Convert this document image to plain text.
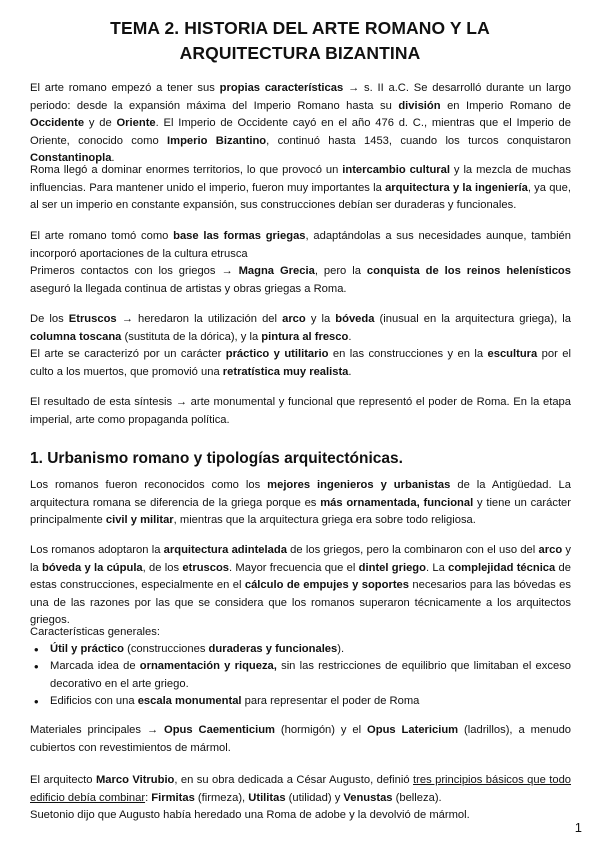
TEMA 2. HISTORIA DEL ARTE ROMANO Y LA
ARQUITECTURA BIZANTINA

El arte romano empezó a tener sus propias características → s. II a.C. Se desarrolló durante un largo periodo: desde la expansión máxima del Imperio Romano hasta su división en Imperio Romano de Occidente y de Oriente. El Imperio de Occidente cayó en el año 476 d. C., mientras que el Imperio de Oriente, conocido como Imperio Bizantino, continuó hasta 1453, cuando los turcos conquistaron Constantinopla.

Roma llegó a dominar enormes territorios, lo que provocó un intercambio cultural y la mezcla de muchas influencias. Para mantener unido el imperio, fueron muy importantes la arquitectura y la ingeniería, ya que, al ser un imperio en constante expansión, sus construcciones debían ser duraderas y funcionales.

El arte romano tomó como base las formas griegas, adaptándolas a sus necesidades aunque, también incorporó aportaciones de la cultura etrusca
Primeros contactos con los griegos → Magna Grecia, pero la conquista de los reinos helenísticos aseguró la llegada continua de artistas y obras griegas a Roma.

De los Etruscos → heredaron la utilización del arco y la bóveda (inusual en la arquitectura griega), la columna toscana (sustituta de la dórica), y la pintura al fresco.
El arte se caracterizó por un carácter práctico y utilitario en las construcciones y en la escultura por el culto a los muertos, que promovió una retratística muy realista.

El resultado de esta síntesis → arte monumental y funcional que representó el poder de Roma. En la etapa imperial, arte como propaganda política.

1. Urbanismo romano y tipologías arquitectónicas.

Los romanos fueron reconocidos como los mejores ingenieros y urbanistas de la Antigüedad. La arquitectura romana se diferencia de la griega porque es más ornamentada, funcional y tiene un carácter principalmente civil y militar, mientras que la arquitectura griega era sobre todo religiosa.

Los romanos adoptaron la arquitectura adintelada de los griegos, pero la combinaron con el uso del arco y la bóveda y la cúpula, de los etruscos. Mayor frecuencia que el dintel griego. La complejidad técnica de estas construcciones, especialmente en el cálculo de empujes y soportes necesarios para las bóvedas es una de las razones por las que se considera que los romanos superaron técnicamente a los arquitectos griegos.

Características generales:

• Útil y práctico (construcciones duraderas y funcionales).
• Marcada idea de ornamentación y riqueza, sin las restricciones de equilibrio que limitaban el exceso decorativo en el arte griego.
• Edificios con una escala monumental para representar el poder de Roma

Materiales principales → Opus Caementicium (hormigón) y el Opus Latericium (ladrillos), a menudo cubiertos con revestimientos de mármol.

El arquitecto Marco Vitrubio, en su obra dedicada a César Augusto, definió tres principios básicos que todo edificio debía combinar: Firmitas (firmeza), Utilitas (utilidad) y Venustas (belleza).
Suetonio dijo que Augusto había heredado una Roma de adobe y la devolvió de mármol.

1
